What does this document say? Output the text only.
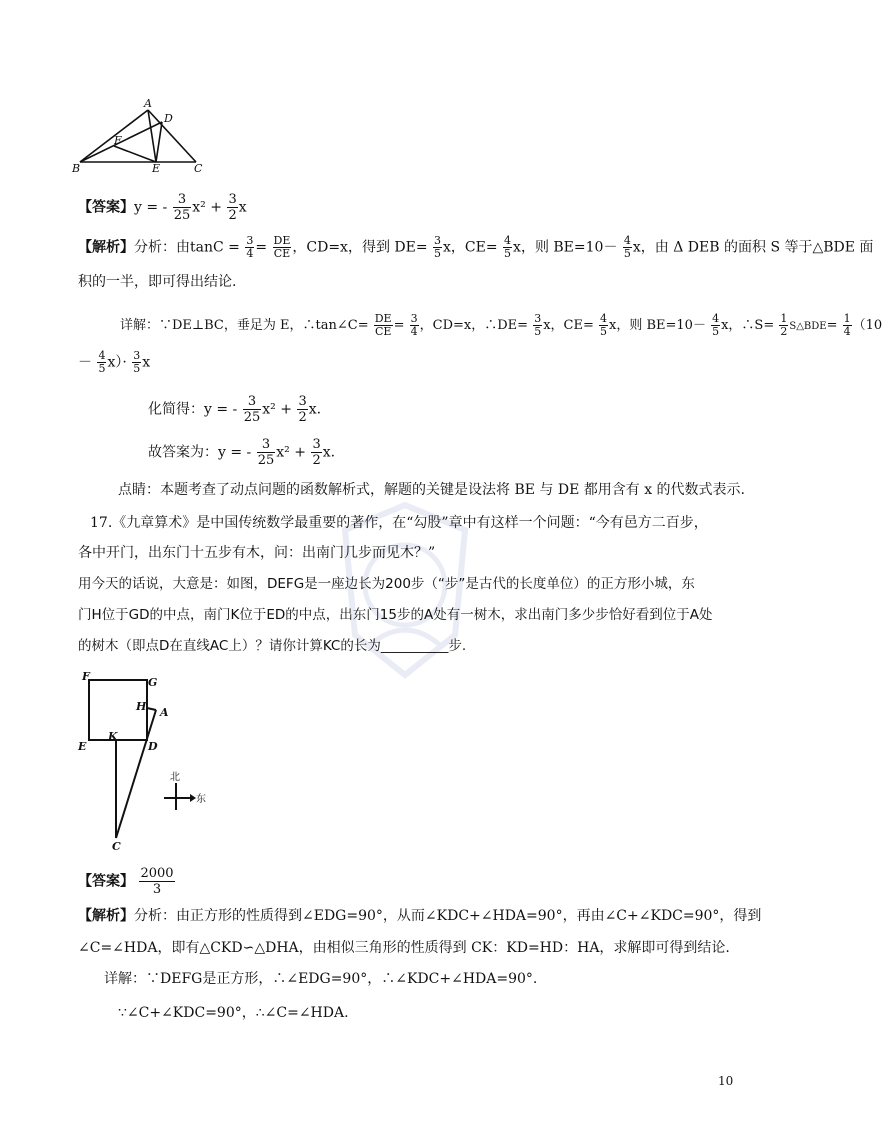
A
D
F
B	E	C
【答案】y = - $\frac{3}{25} x^2 + \frac{3}{2}$ x
【解析】分析：由$\tan C = \frac{3}{4} = \frac{DE}{CE}$ ，CD=x，得到 $DE= \frac{3}{5}$ x，$CE= \frac{4}{5}$ x，则 $BE=10- \frac{4}{5}$ x，由 Δ DEB 的面积 S 等于△BDE 面
积的一半，即可得出结论.
详解：∵DE⊥BC，垂足为 E，∴tan∠C= $\frac{DE}{CE} = \frac{3}{4}$ ，CD=x，∴DE= $\frac{3}{5}$ x，$CE= \frac{4}{5}$ x，则 $BE=10- \frac{4}{5}$ x，∴S= $\frac{1}{2}$ S△BDE= $\frac{1}{4} (10$
－ $\frac{4}{5} x)\cdot \frac{3}{5}$ x
化简得：y = - $\frac{3}{25} x^2 + \frac{3}{2} x$.
故答案为：y = - $\frac{3}{25} x^2 + \frac{3}{2} x$.
点睛：本题考查了动点问题的函数解析式，解题的关键是设法将 BE 与 DE 都用含有 x 的代数式表示.
17.《九章算术》是中国传统数学最重要的著作，在“勾股”章中有这样一个问题：“今有邑方二百步，
各中开门，出东门十五步有木，问：出南门几步而见木？”
用今天的话说，大意是：如图，DEFG是一座边长为200步（“步”是古代的长度单位）的正方形小城，东
门H位于GD的中点，南门K位于ED的中点，出东门15步的A处有一树木，求出南门多少步恰好看到位于A处
的树木（即点D在直线AC上）？请你计算KC的长为__________步.
F	G
H A
E
K
D
C
北
东
【答案】 $\frac{2000}{3}$
【解析】分析：由正方形的性质得到∠EDG=90°，从而∠KDC+∠HDA=90°，再由∠C+∠KDC=90°，得到
∠C=∠HDA，即有△CKD∽△DHA，由相似三角形的性质得到 CK：KD=HD：HA，求解即可得到结论.
详解：∵DEFG是正方形，∴∠EDG=90°，∴∠KDC+∠HDA=90°.
∵∠C+∠KDC=90°，∴∠C=∠HDA.
10
